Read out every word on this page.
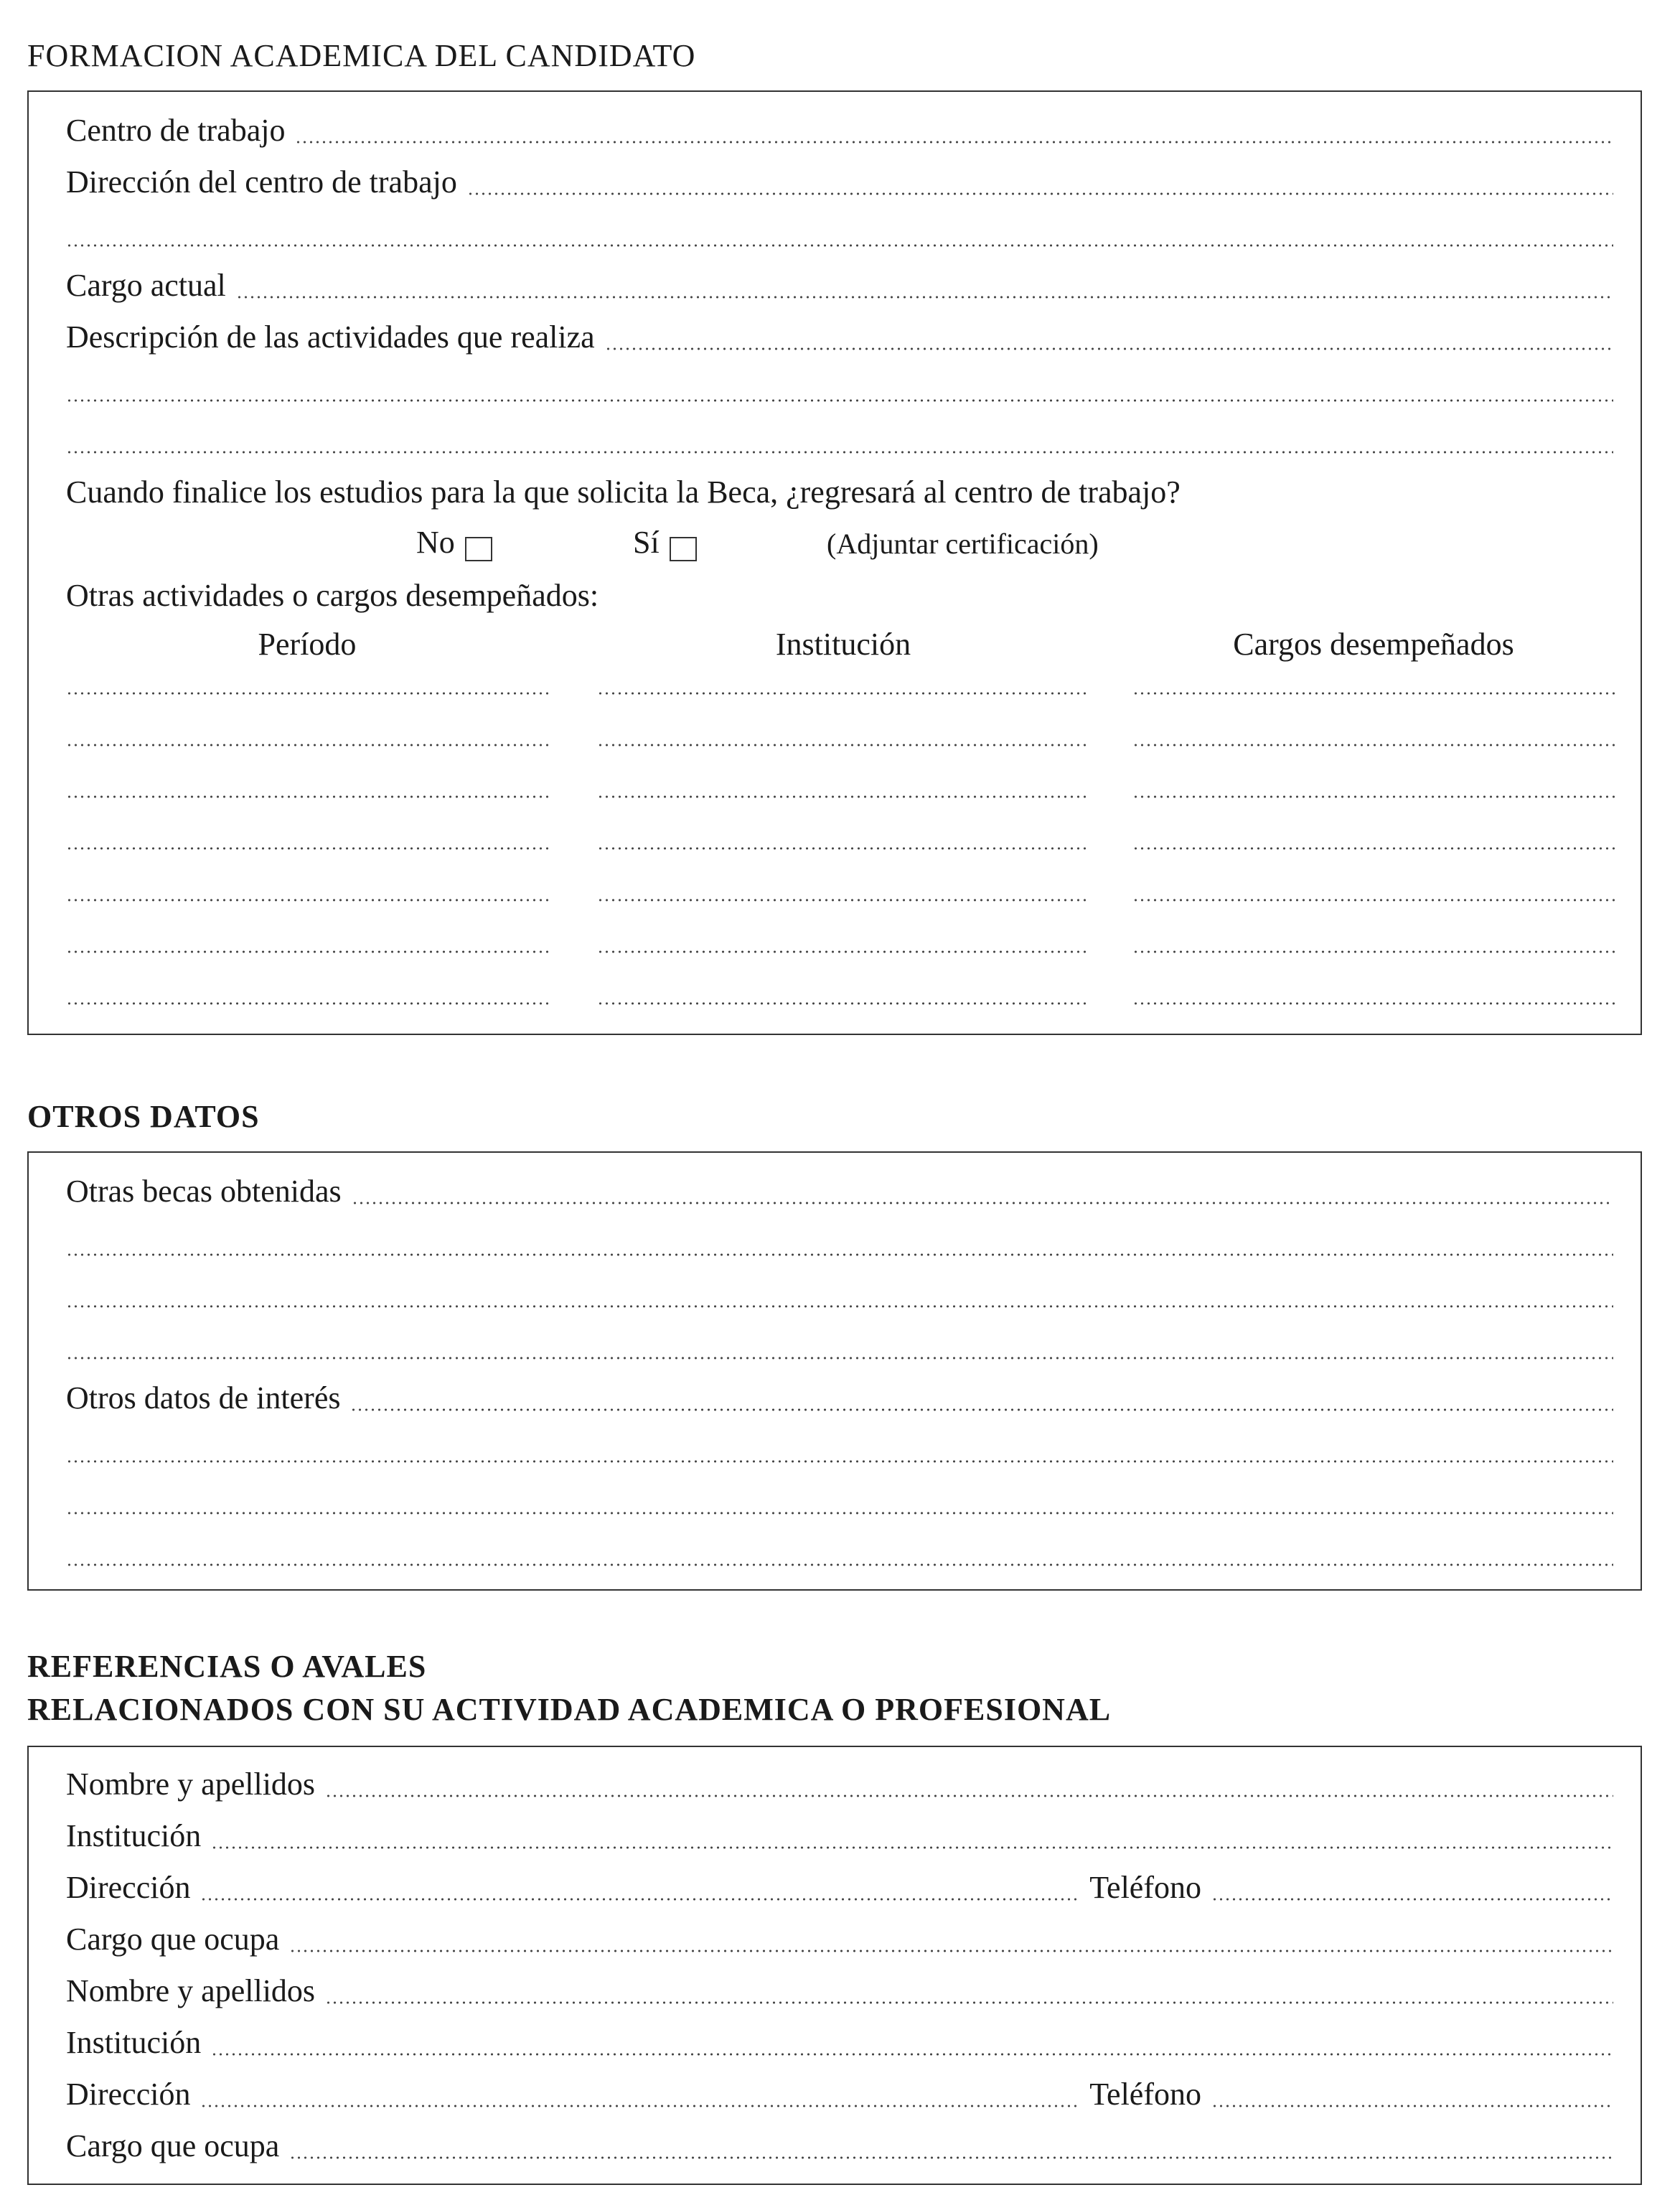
FORMACION ACADEMICA DEL CANDIDATO
Centro de trabajo
Dirección del centro de trabajo
Cargo actual
Descripción de las actividades que realiza
Cuando finalice los estudios para la que solicita la Beca, ¿regresará al centro de trabajo?
No	Sí	(Adjuntar certificación)
Otras actividades o cargos desempeñados:
Período	Institución	Cargos desempeñados
OTROS DATOS
Otras becas obtenidas
Otros datos de interés
REFERENCIAS O AVALES
RELACIONADOS CON SU ACTIVIDAD ACADEMICA O PROFESIONAL
Nombre y apellidos
Institución
Dirección	Teléfono
Cargo que ocupa
Nombre y apellidos
Institución
Dirección	Teléfono
Cargo que ocupa
